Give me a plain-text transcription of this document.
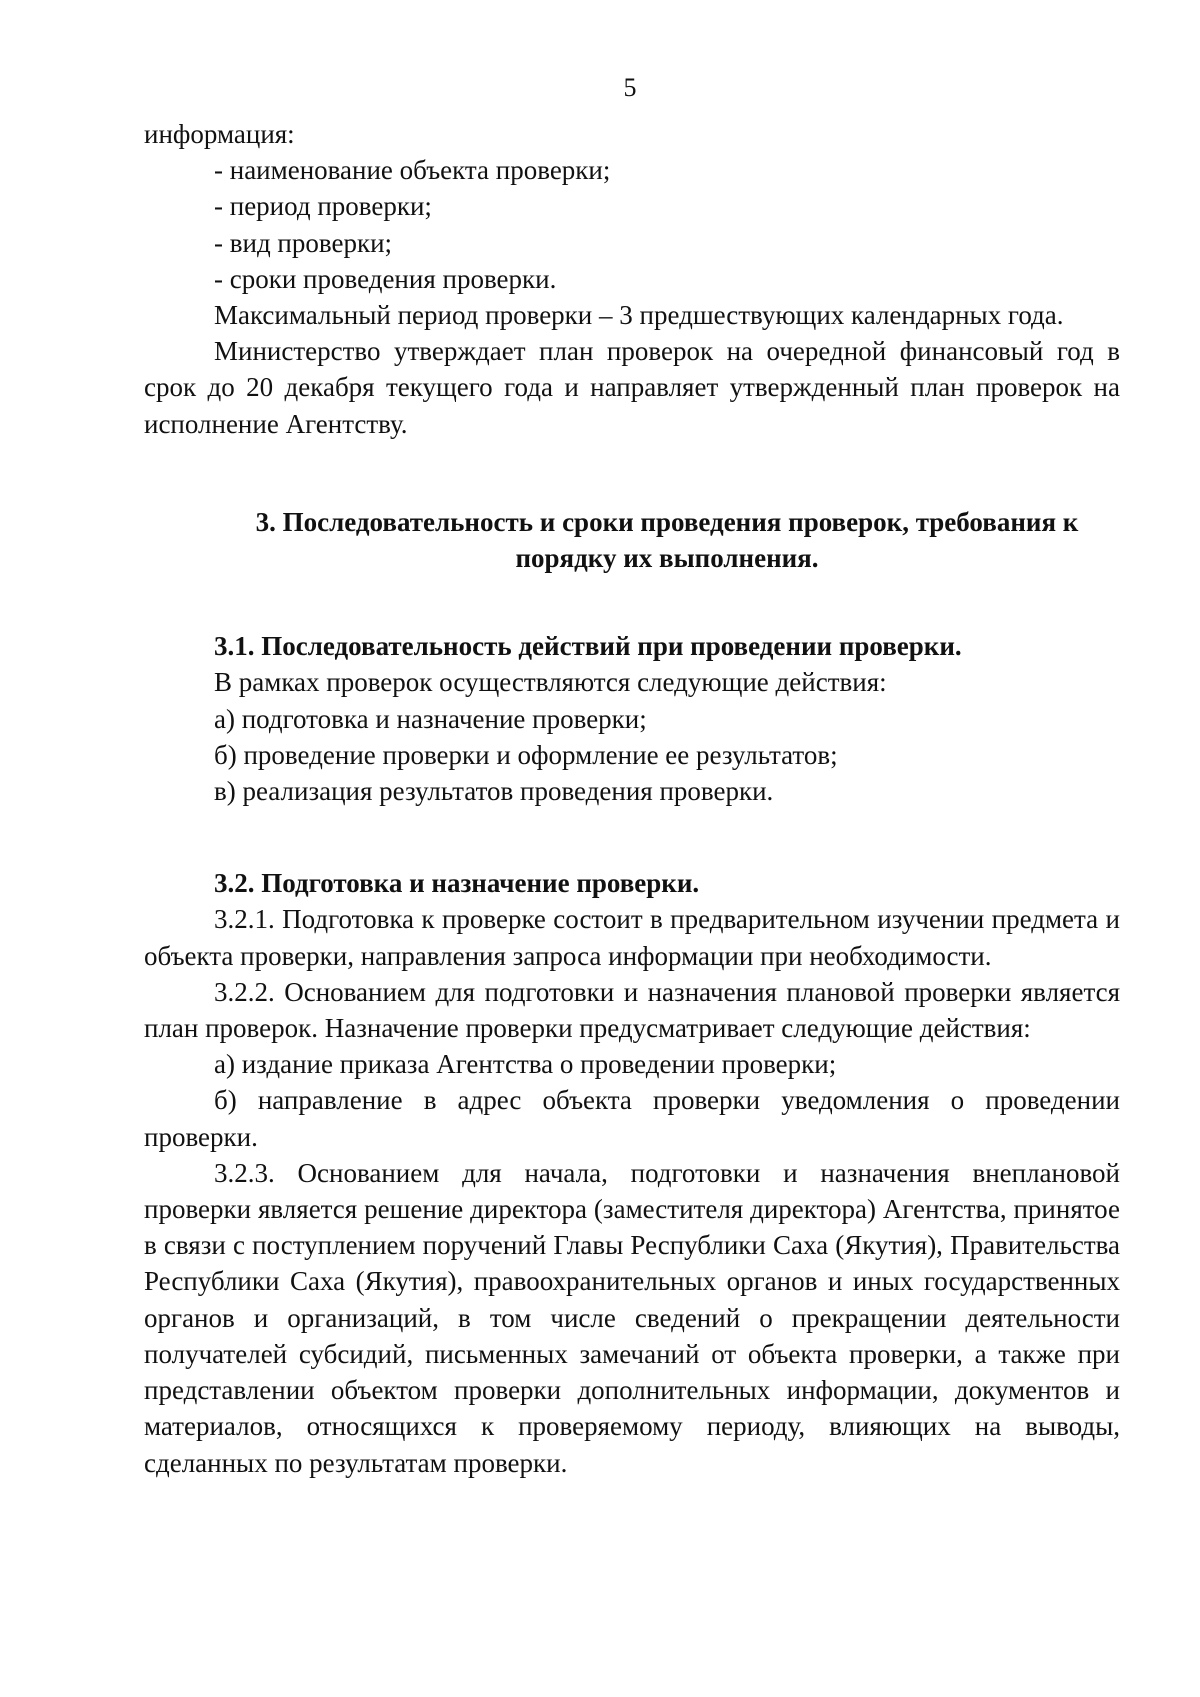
5

информация:

- наименование объекта проверки;

- период проверки;

- вид проверки;

- сроки проведения проверки.

Максимальный период проверки – 3 предшествующих календарных года.

Министерство утверждает план проверок на очередной финансовый год в срок до 20 декабря текущего года и направляет утвержденный план проверок на исполнение Агентству.

3. Последовательность и сроки проведения проверок, требования к порядку их выполнения.

3.1. Последовательность действий при проведении проверки.

В рамках проверок осуществляются следующие действия:

а) подготовка и назначение проверки;

б) проведение проверки и оформление ее результатов;

в) реализация результатов проведения проверки.

3.2. Подготовка и назначение проверки.

3.2.1. Подготовка к проверке состоит в предварительном изучении предмета и объекта проверки, направления запроса информации при необходимости.

3.2.2. Основанием для подготовки и назначения плановой проверки является план проверок. Назначение проверки предусматривает следующие действия:

а) издание приказа Агентства о проведении проверки;

б) направление в адрес объекта проверки уведомления о проведении проверки.

3.2.3. Основанием для начала, подготовки и назначения внеплановой проверки является решение директора (заместителя директора) Агентства, принятое в связи с поступлением поручений Главы Республики Саха (Якутия), Правительства Республики Саха (Якутия), правоохранительных органов и иных государственных органов и организаций, в том числе сведений о прекращении деятельности получателей субсидий, письменных замечаний от объекта проверки, а также при представлении объектом проверки дополнительных информации, документов и материалов, относящихся к проверяемому периоду, влияющих на выводы, сделанных по результатам проверки.
